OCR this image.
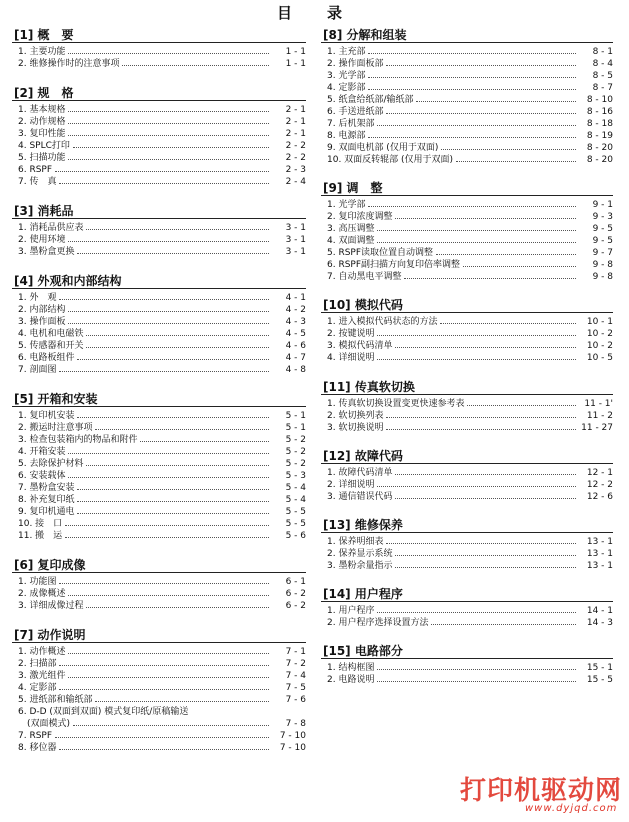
目　录
[1] 概　要
1. 主要功能	1 - 1
2. 维修操作时的注意事项	1 - 1
[2] 规　格
1. 基本规格	2 - 1
2. 动作规格	2 - 1
3. 复印性能	2 - 1
4. SPLC打印	2 - 2
5. 扫描功能	2 - 2
6. RSPF	2 - 3
7. 传　真	2 - 4
[3] 消耗品
1. 消耗品供应表	3 - 1
2. 使用环境	3 - 1
3. 墨粉盒更换	3 - 1
[4] 外观和内部结构
1. 外　观	4 - 1
2. 内部结构	4 - 2
3. 操作面板	4 - 3
4. 电机和电磁铁	4 - 5
5. 传感器和开关	4 - 6
6. 电路板组件	4 - 7
7. 剖面图	4 - 8
[5] 开箱和安装
1. 复印机安装	5 - 1
2. 搬运时注意事项	5 - 1
3. 检查包装箱内的物品和附件	5 - 2
4. 开箱安装	5 - 2
5. 去除保护材料	5 - 2
6. 安装载体	5 - 3
7. 墨粉盒安装	5 - 4
8. 补充复印纸	5 - 4
9. 复印机通电	5 - 5
10. 接　口	5 - 5
11. 搬　运	5 - 6
[6] 复印成像
1. 功能图	6 - 1
2. 成像概述	6 - 2
3. 详细成像过程	6 - 2
[7] 动作说明
1. 动作概述	7 - 1
2. 扫描部	7 - 2
3. 激光组件	7 - 4
4. 定影部	7 - 5
5. 进纸部和输纸部	7 - 6
6. D-D (双面到双面) 模式复印纸/原稿输送
　(双面模式)	7 - 8
7. RSPF	7 - 10
8. 移位器	7 - 10
[8] 分解和组装
1. 主充部	8 - 1
2. 操作面板部	8 - 4
3. 光学部	8 - 5
4. 定影部	8 - 7
5. 纸盒给纸部/输纸部	8 - 10
6. 手送进纸部	8 - 16
7. 后机架部	8 - 18
8. 电源部	8 - 19
9. 双面电机部 (仅用于双面)	8 - 20
10. 双面反转辊部 (仅用于双面)	8 - 20
[9] 调　整
1. 光学部	9 - 1
2. 复印浓度调整	9 - 3
3. 高压调整	9 - 5
4. 双面调整	9 - 5
5. RSPF读取位置自动调整	9 - 7
6. RSPF副扫描方向复印倍率调整	9 - 8
7. 自动黑电平调整	9 - 8
[10] 模拟代码
1. 进入模拟代码状态的方法	10 - 1
2. 按键说明	10 - 2
3. 模拟代码清单	10 - 2
4. 详细说明	10 - 5
[11] 传真软切换
1. 传真软切换设置变更快速参考表	11 - 1'
2. 软切换列表	11 - 2
3. 软切换说明	11 - 27
[12] 故障代码
1. 故障代码清单	12 - 1
2. 详细说明	12 - 2
3. 通信错误代码	12 - 6
[13] 维修保养
1. 保养明细表	13 - 1
2. 保养显示系统	13 - 1
3. 墨粉余量指示	13 - 1
[14] 用户程序
1. 用户程序	14 - 1
2. 用户程序选择设置方法	14 - 3
[15] 电路部分
1. 结构框图	15 - 1
2. 电路说明	15 - 5
打印机驱动网
www.dyjqd.com
